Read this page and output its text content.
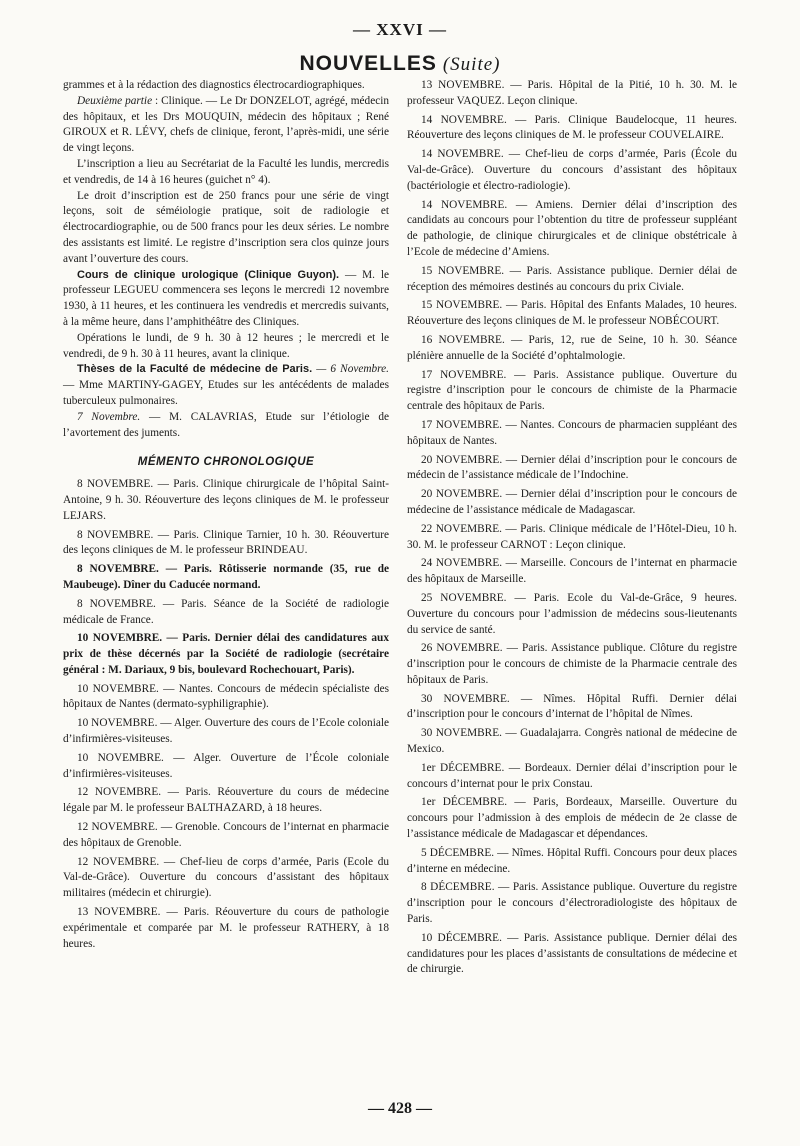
— XXVI —
NOUVELLES (Suite)

grammes et à la rédaction des diagnostics électrocardiographiques.

Deuxième partie : Clinique. — Le Dr DONZELOT, agrégé, médecin des hôpitaux, et les Drs MOUQUIN, médecin des hôpitaux ; René GIROUX et R. LÉVY, chefs de clinique, feront, l’après-midi, une série de vingt leçons.

L’inscription a lieu au Secrétariat de la Faculté les lundis, mercredis et vendredis, de 14 à 16 heures (guichet n° 4).

Le droit d’inscription est de 250 francs pour une série de vingt leçons, soit de séméiologie pratique, soit de radiologie et électrocardiographie, ou de 500 francs pour les deux séries. Le nombre des assistants est limité. Le registre d’inscription sera clos quinze jours avant l’ouverture des cours.

Cours de clinique urologique (Clinique Guyon). — M. le professeur LEGUEU commencera ses leçons le mercredi 12 novembre 1930, à 11 heures, et les continuera les vendredis et mercredis suivants, à la même heure, dans l’amphithéâtre des Cliniques.

Opérations le lundi, de 9 h. 30 à 12 heures ; le mercredi et le vendredi, de 9 h. 30 à 11 heures, avant la clinique.

Thèses de la Faculté de médecine de Paris. — 6 Novembre. — Mme MARTINY-GAGEY, Etudes sur les antécédents de malades tuberculeux pulmonaires.

7 Novembre. — M. CALAVRIAS, Etude sur l’étiologie de l’avortement des juments.

MÉMENTO CHRONOLOGIQUE

8 NOVEMBRE. — Paris. Clinique chirurgicale de l’hôpital Saint-Antoine, 9 h. 30. Réouverture des leçons cliniques de M. le professeur LEJARS.

8 NOVEMBRE. — Paris. Clinique Tarnier, 10 h. 30. Réouverture des leçons cliniques de M. le professeur BRINDEAU.

8 NOVEMBRE. — Paris. Rôtisserie normande (35, rue de Maubeuge). Dîner du Caducée normand.

8 NOVEMBRE. — Paris. Séance de la Société de radiologie médicale de France.

10 NOVEMBRE. — Paris. Dernier délai des candidatures aux prix de thèse décernés par la Société de radiologie (secrétaire général : M. Dariaux, 9 bis, boulevard Rochechouart, Paris).

10 NOVEMBRE. — Nantes. Concours de médecin spécialiste des hôpitaux de Nantes (dermato-syphiligraphie).

10 NOVEMBRE. — Alger. Ouverture des cours de l’Ecole coloniale d’infirmières-visiteuses.

10 NOVEMBRE. — Alger. Ouverture de l’École coloniale d’infirmières-visiteuses.

12 NOVEMBRE. — Paris. Réouverture du cours de médecine légale par M. le professeur BALTHAZARD, à 18 heures.

12 NOVEMBRE. — Grenoble. Concours de l’internat en pharmacie des hôpitaux de Grenoble.

12 NOVEMBRE. — Chef-lieu de corps d’armée, Paris (Ecole du Val-de-Grâce). Ouverture du concours d’assistant des hôpitaux militaires (médecin et chirurgie).

13 NOVEMBRE. — Paris. Réouverture du cours de pathologie expérimentale et comparée par M. le professeur RATHERY, à 18 heures.

13 NOVEMBRE. — Paris. Hôpital de la Pitié, 10 h. 30. M. le professeur VAQUEZ. Leçon clinique.

14 NOVEMBRE. — Paris. Clinique Baudelocque, 11 heures. Réouverture des leçons cliniques de M. le professeur COUVELAIRE.

14 NOVEMBRE. — Chef-lieu de corps d’armée, Paris (École du Val-de-Grâce). Ouverture du concours d’assistant des hôpitaux (bactériologie et électro-radiologie).

14 NOVEMBRE. — Amiens. Dernier délai d’inscription des candidats au concours pour l’obtention du titre de professeur suppléant de pathologie, de clinique chirurgicales et de clinique obstétricale à l’Ecole de médecine d’Amiens.

15 NOVEMBRE. — Paris. Assistance publique. Dernier délai de réception des mémoires destinés au concours du prix Civiale.

15 NOVEMBRE. — Paris. Hôpital des Enfants Malades, 10 heures. Réouverture des leçons cliniques de M. le professeur NOBÉCOURT.

16 NOVEMBRE. — Paris, 12, rue de Seine, 10 h. 30. Séance plénière annuelle de la Société d’ophtalmologie.

17 NOVEMBRE. — Paris. Assistance publique. Ouverture du registre d’inscription pour le concours de chimiste de la Pharmacie centrale des hôpitaux de Paris.

17 NOVEMBRE. — Nantes. Concours de pharmacien suppléant des hôpitaux de Nantes.

20 NOVEMBRE. — Dernier délai d’inscription pour le concours de médecin de l’assistance médicale de l’Indochine.

20 NOVEMBRE. — Dernier délai d’inscription pour le concours de médecine de l’assistance médicale de Madagascar.

22 NOVEMBRE. — Paris. Clinique médicale de l’Hôtel-Dieu, 10 h. 30. M. le professeur CARNOT : Leçon clinique.

24 NOVEMBRE. — Marseille. Concours de l’internat en pharmacie des hôpitaux de Marseille.

25 NOVEMBRE. — Paris. Ecole du Val-de-Grâce, 9 heures. Ouverture du concours pour l’admission de médecins sous-lieutenants du service de santé.

26 NOVEMBRE. — Paris. Assistance publique. Clôture du registre d’inscription pour le concours de chimiste de la Pharmacie centrale des hôpitaux de Paris.

30 NOVEMBRE. — Nîmes. Hôpital Ruffi. Dernier délai d’inscription pour le concours d’internat de l’hôpital de Nîmes.

30 NOVEMBRE. — Guadalajarra. Congrès national de médecine de Mexico.

1er DÉCEMBRE. — Bordeaux. Dernier délai d’inscription pour le concours d’internat pour le prix Constau.

1er DÉCEMBRE. — Paris, Bordeaux, Marseille. Ouverture du concours pour l’admission à des emplois de médecin de 2e classe de l’assistance médicale de Madagascar et dépendances.

5 DÉCEMBRE. — Nîmes. Hôpital Ruffi. Concours pour deux places d’interne en médecine.

8 DÉCEMBRE. — Paris. Assistance publique. Ouverture du registre d’inscription pour le concours d’électroradiologiste des hôpitaux de Paris.

10 DÉCEMBRE. — Paris. Assistance publique. Dernier délai des candidatures pour les places d’assistants de consultations de médecine et de chirurgie.

— 428 —
